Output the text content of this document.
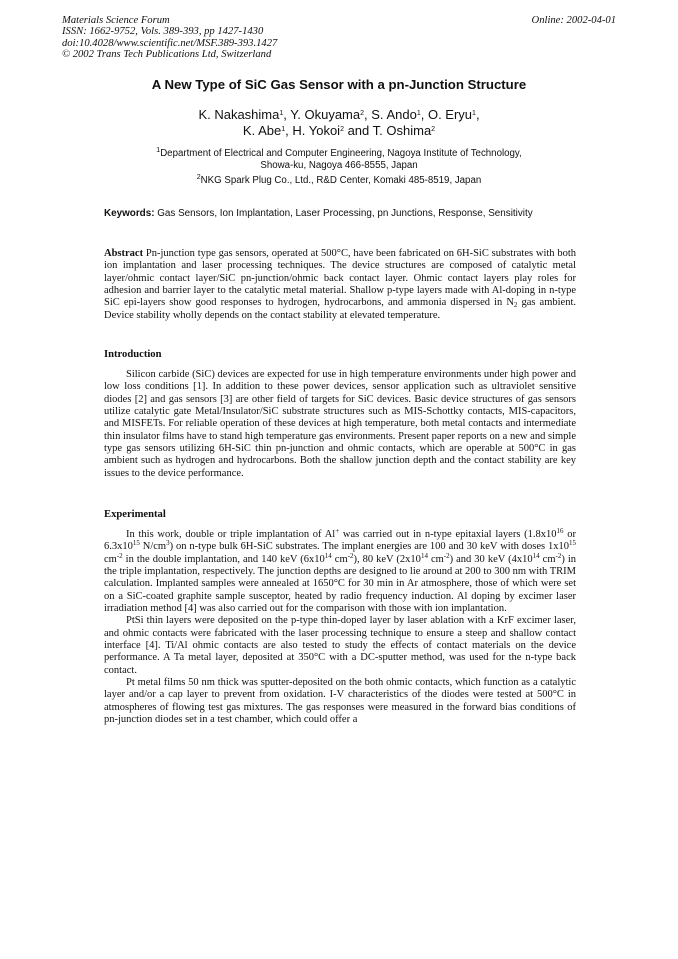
Materials Science Forum
ISSN: 1662-9752, Vols. 389-393, pp 1427-1430
doi:10.4028/www.scientific.net/MSF.389-393.1427
© 2002 Trans Tech Publications Ltd, Switzerland
Online: 2002-04-01
A New Type of SiC Gas Sensor with a pn-Junction Structure
K. Nakashima$^1$, Y. Okuyama$^2$, S. Ando$^1$, O. Eryu$^1$,
K. Abe$^1$, H. Yokoi$^2$ and T. Oshima$^2$
$^1$Department of Electrical and Computer Engineering, Nagoya Institute of Technology,
Showa-ku, Nagoya 466-8555, Japan
$^2$NKG Spark Plug Co., Ltd., R&D Center, Komaki 485-8519, Japan
Keywords: Gas Sensors, Ion Implantation, Laser Processing, pn Junctions, Response, Sensitivity

Abstract Pn-junction type gas sensors, operated at 500°C, have been fabricated on 6H-SiC substrates with both ion implantation and laser processing techniques. The device structures are composed of catalytic metal layer/ohmic contact layer/SiC pn-junction/ohmic back contact layer. Ohmic contact layers play roles for adhesion and barrier layer to the catalytic metal material. Shallow p-type layers made with Al-doping in n-type SiC epi-layers show good responses to hydrogen, hydrocarbons, and ammonia dispersed in $N_2$ gas ambient. Device stability wholly depends on the contact stability at elevated temperature.

Introduction

Silicon carbide (SiC) devices are expected for use in high temperature environments under high power and low loss conditions [1]. In addition to these power devices, sensor application such as ultraviolet sensitive diodes [2] and gas sensors [3] are other field of targets for SiC devices. Basic device structures of gas sensors utilize catalytic gate Metal/Insulator/SiC substrate structures such as MIS-Schottky contacts, MIS-capacitors, and MISFETs. For reliable operation of these devices at high temperature, both metal contacts and intermediate thin insulator films have to stand high temperature gas environments. Present paper reports on a new and simple type gas sensors utilizing 6H-SiC thin pn-junction and ohmic contacts, which are operable at 500°C in gas ambient such as hydrogen and hydrocarbons. Both the shallow junction depth and the contact stability are key issues to the device performance.

Experimental

In this work, double or triple implantation of Al+ was carried out in n-type epitaxial layers ($1.8x10^{16}$ or $6.3x10^{15}$ $N/cm^3$) on n-type bulk 6H-SiC substrates. The implant energies are 100 and 30 keV with doses $1x10^{15}$ $cm^{-2}$ in the double implantation, and 140 keV ($6x10^{14}$ $cm^{-2}$), 80 keV ($2x10^{14}$ $cm^{-2}$) and 30 keV ($4x10^{14}$ $cm^{-2}$) in the triple implantation, respectively. The junction depths are designed to lie around at 200 to 300 nm with TRIM calculation. Implanted samples were annealed at 1650°C for 30 min in Ar atmosphere, those of which were set on a SiC-coated graphite sample susceptor, heated by radio frequency induction. Al doping by excimer laser irradiation method [4] was also carried out for the comparison with those with ion implantation.

PtSi thin layers were deposited on the p-type thin-doped layer by laser ablation with a KrF excimer laser, and ohmic contacts were fabricated with the laser processing technique to ensure a steep and shallow contact interface [4]. Ti/Al ohmic contacts are also tested to study the effects of contact materials on the device performance. A Ta metal layer, deposited at 350°C with a DC-sputter method, was used for the n-type back contact.

Pt metal films 50 nm thick was sputter-deposited on the both ohmic contacts, which function as a catalytic layer and/or a cap layer to prevent from oxidation. I-V characteristics of the diodes were tested at 500°C in atmospheres of flowing test gas mixtures. The gas responses were measured in the forward bias conditions of pn-junction diodes set in a test chamber, which could offer a
